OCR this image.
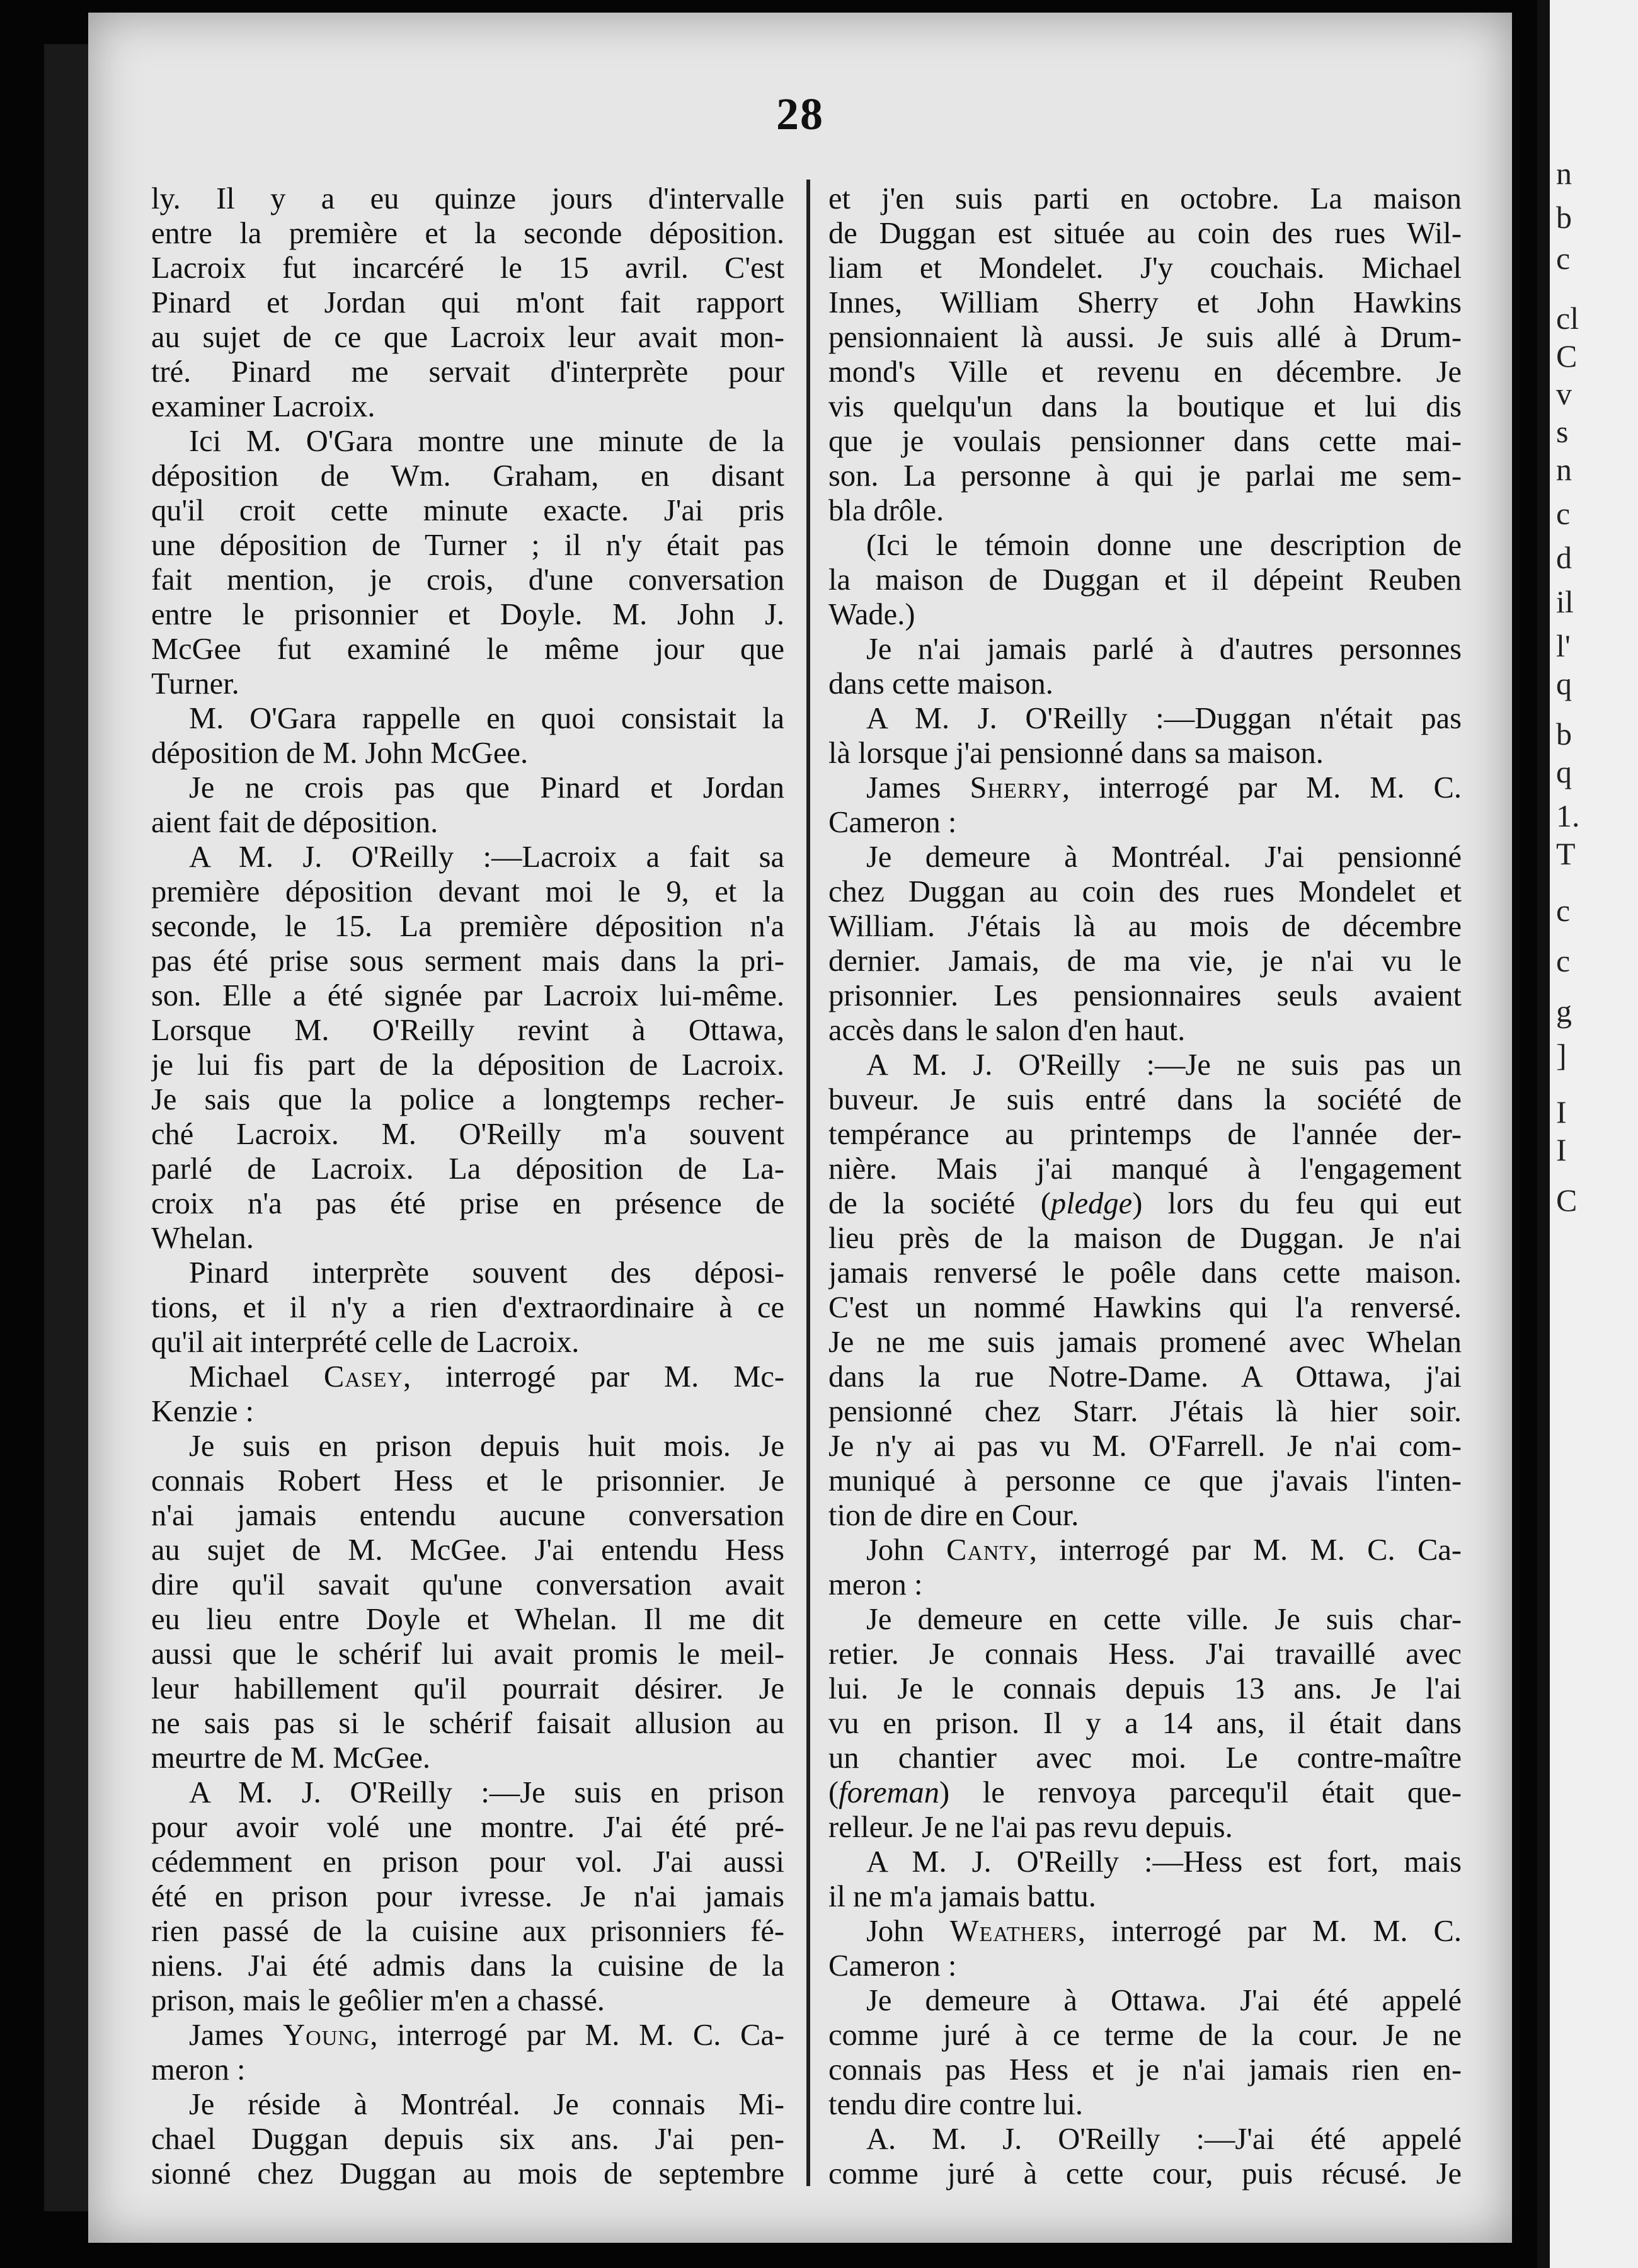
28
ly. Il y a eu quinze jours d'intervalle
entre la première et la seconde déposition.
Lacroix fut incarcéré le 15 avril. C'est
Pinard et Jordan qui m'ont fait rapport
au sujet de ce que Lacroix leur avait mon-
tré. Pinard me servait d'interprète pour
examiner Lacroix.
Ici M. O'Gara montre une minute de la
déposition de Wm. Graham, en disant
qu'il croit cette minute exacte. J'ai pris
une déposition de Turner ; il n'y était pas
fait mention, je crois, d'une conversation
entre le prisonnier et Doyle. M. John J.
McGee fut examiné le même jour que
Turner.
M. O'Gara rappelle en quoi consistait la
déposition de M. John McGee.
Je ne crois pas que Pinard et Jordan
aient fait de déposition.
A M. J. O'Reilly :—Lacroix a fait sa
première déposition devant moi le 9, et la
seconde, le 15. La première déposition n'a
pas été prise sous serment mais dans la pri-
son. Elle a été signée par Lacroix lui-même.
Lorsque M. O'Reilly revint à Ottawa,
je lui fis part de la déposition de Lacroix.
Je sais que la police a longtemps recher-
ché Lacroix. M. O'Reilly m'a souvent
parlé de Lacroix. La déposition de La-
croix n'a pas été prise en présence de
Whelan.
Pinard interprète souvent des déposi-
tions, et il n'y a rien d'extraordinaire à ce
qu'il ait interprété celle de Lacroix.
Michael Casey, interrogé par M. Mc-
Kenzie :
Je suis en prison depuis huit mois. Je
connais Robert Hess et le prisonnier. Je
n'ai jamais entendu aucune conversation
au sujet de M. McGee. J'ai entendu Hess
dire qu'il savait qu'une conversation avait
eu lieu entre Doyle et Whelan. Il me dit
aussi que le schérif lui avait promis le meil-
leur habillement qu'il pourrait désirer. Je
ne sais pas si le schérif faisait allusion au
meurtre de M. McGee.
A M. J. O'Reilly :—Je suis en prison
pour avoir volé une montre. J'ai été pré-
cédemment en prison pour vol. J'ai aussi
été en prison pour ivresse. Je n'ai jamais
rien passé de la cuisine aux prisonniers fé-
niens. J'ai été admis dans la cuisine de la
prison, mais le geôlier m'en a chassé.
James Young, interrogé par M. M. C. Ca-
meron :
Je réside à Montréal. Je connais Mi-
chael Duggan depuis six ans. J'ai pen-
sionné chez Duggan au mois de septembre
et j'en suis parti en octobre. La maison
de Duggan est située au coin des rues Wil-
liam et Mondelet. J'y couchais. Michael
Innes, William Sherry et John Hawkins
pensionnaient là aussi. Je suis allé à Drum-
mond's Ville et revenu en décembre. Je
vis quelqu'un dans la boutique et lui dis
que je voulais pensionner dans cette mai-
son. La personne à qui je parlai me sem-
bla drôle.
(Ici le témoin donne une description de
la maison de Duggan et il dépeint Reuben
Wade.)
Je n'ai jamais parlé à d'autres personnes
dans cette maison.
A M. J. O'Reilly :—Duggan n'était pas
là lorsque j'ai pensionné dans sa maison.
James Sherry, interrogé par M. M. C.
Cameron :
Je demeure à Montréal. J'ai pensionné
chez Duggan au coin des rues Mondelet et
William. J'étais là au mois de décembre
dernier. Jamais, de ma vie, je n'ai vu le
prisonnier. Les pensionnaires seuls avaient
accès dans le salon d'en haut.
A M. J. O'Reilly :—Je ne suis pas un
buveur. Je suis entré dans la société de
tempérance au printemps de l'année der-
nière. Mais j'ai manqué à l'engagement
de la société (pledge) lors du feu qui eut
lieu près de la maison de Duggan. Je n'ai
jamais renversé le poêle dans cette maison.
C'est un nommé Hawkins qui l'a renversé.
Je ne me suis jamais promené avec Whelan
dans la rue Notre-Dame. A Ottawa, j'ai
pensionné chez Starr. J'étais là hier soir.
Je n'y ai pas vu M. O'Farrell. Je n'ai com-
muniqué à personne ce que j'avais l'inten-
tion de dire en Cour.
John Canty, interrogé par M. M. C. Ca-
meron :
Je demeure en cette ville. Je suis char-
retier. Je connais Hess. J'ai travaillé avec
lui. Je le connais depuis 13 ans. Je l'ai
vu en prison. Il y a 14 ans, il était dans
un chantier avec moi. Le contre-maître
(foreman) le renvoya parcequ'il était que-
relleur. Je ne l'ai pas revu depuis.
A M. J. O'Reilly :—Hess est fort, mais
il ne m'a jamais battu.
John Weathers, interrogé par M. M. C.
Cameron :
Je demeure à Ottawa. J'ai été appelé
comme juré à ce terme de la cour. Je ne
connais pas Hess et je n'ai jamais rien en-
tendu dire contre lui.
A. M. J. O'Reilly :—J'ai été appelé
comme juré à cette cour, puis récusé. Je
n
b
c
cl
C
v
s
n
c
d
il
l'
q
b
q
1.
T
c
c
g
]
I
I
C
